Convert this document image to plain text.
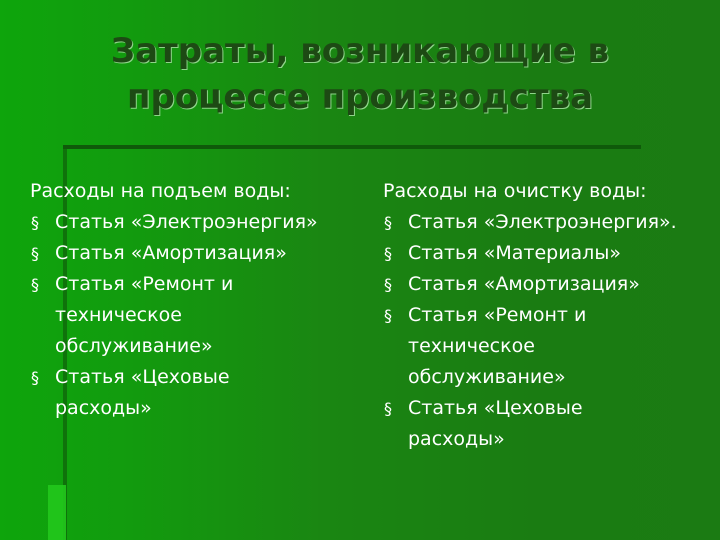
Затраты, возникающие в
процессе производства
Расходы на подъем воды:
§ Статья «Электроэнергия»
§ Статья «Амортизация»
§ Статья «Ремонт и техническое обслуживание»
§ Статья «Цеховые расходы»
Расходы на очистку воды:
§ Статья «Электроэнергия».
§ Статья «Материалы»
§ Статья «Амортизация»
§ Статья «Ремонт и техническое обслуживание»
§ Статья «Цеховые расходы»
